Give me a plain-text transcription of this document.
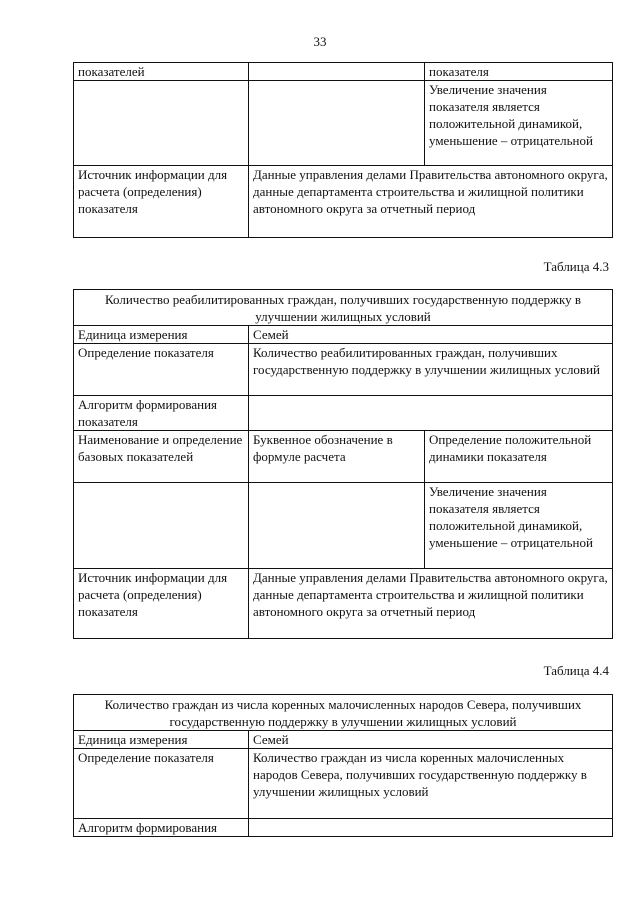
33
показателей		показателя
		Увеличение значения показателя является положительной динамикой, уменьшение – отрицательной
Источник информации для расчета (определения) показателя	Данные управления делами Правительства автономного округа, данные департамента строительства и жилищной политики автономного округа за отчетный период	
Таблица 4.3
Количество реабилитированных граждан, получивших государственную поддержку в улучшении жилищных условий		
Единица измерения	Семей	
Определение показателя	Количество реабилитированных граждан, получивших государственную поддержку в улучшении жилищных условий	
Алгоритм формирования показателя		
Наименование и определение базовых показателей	Буквенное обозначение в формуле расчета	Определение положительной динамики показателя
		Увеличение значения показателя является положительной динамикой, уменьшение – отрицательной
Источник информации для расчета (определения) показателя	Данные управления делами Правительства автономного округа, данные департамента строительства и жилищной политики автономного округа за отчетный период	
Таблица 4.4
Количество граждан из числа коренных малочисленных народов Севера, получивших государственную поддержку в улучшении жилищных условий	
Единица измерения	Семей
Определение показателя	Количество граждан из числа коренных малочисленных народов Севера, получивших государственную поддержку в улучшении жилищных условий
Алгоритм формирования	
